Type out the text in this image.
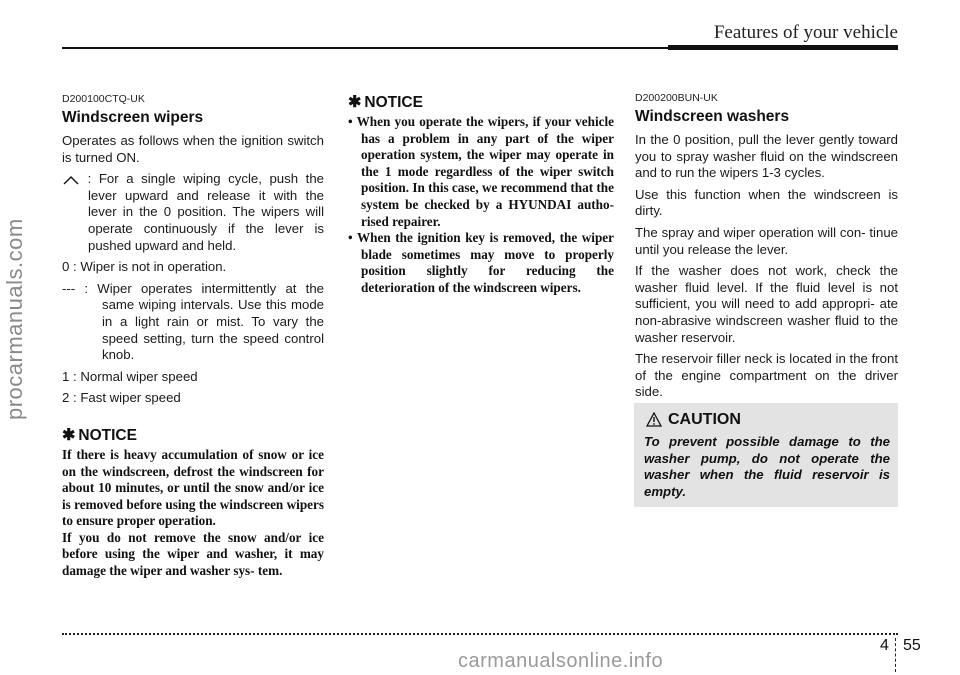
Features of your vehicle
procarmanuals.com
D200100CTQ-UK
Windscreen wipers
Operates as follows when the ignition switch is turned ON.
: For a single wiping cycle, push the lever upward and release it with the lever in the 0 position. The wipers will operate continuously if the lever is pushed upward and held.
0 : Wiper is not in operation.
--- : Wiper operates intermittently at the same wiping intervals. Use this mode in a light rain or mist. To vary the speed setting, turn the speed control knob.
1 : Normal wiper speed
2 : Fast wiper speed
✱ NOTICE

If there is heavy accumulation of snow or ice on the windscreen, defrost the windscreen for about 10 minutes, or until the snow and/or ice is removed before using the windscreen wipers to ensure proper operation.

If you do not remove the snow and/or ice before using the wiper and washer, it may damage the wiper and washer sys- tem.

✱ NOTICE
• When you operate the wipers, if your vehicle has a problem in any part of the wiper operation system, the wiper may operate in the 1 mode regardless of the wiper switch position. In this case, we recommend that the system be checked by a HYUNDAI autho- rised repairer.
• When the ignition key is removed, the wiper blade sometimes may move to properly position slightly for reducing the deterioration of the windscreen wipers.
D200200BUN-UK
Windscreen washers
In the 0 position, pull the lever gently toward you to spray washer fluid on the windscreen and to run the wipers 1-3 cycles.
Use this function when the windscreen is dirty.
The spray and wiper operation will con- tinue until you release the lever.
If the washer does not work, check the washer fluid level. If the fluid level is not sufficient, you will need to add appropri- ate non-abrasive windscreen washer fluid to the washer reservoir.
The reservoir filler neck is located in the front of the engine compartment on the driver side.
CAUTION

To prevent possible damage to the washer pump, do not operate the washer when the fluid reservoir is empty.

4 55
carmanualsonline.info
